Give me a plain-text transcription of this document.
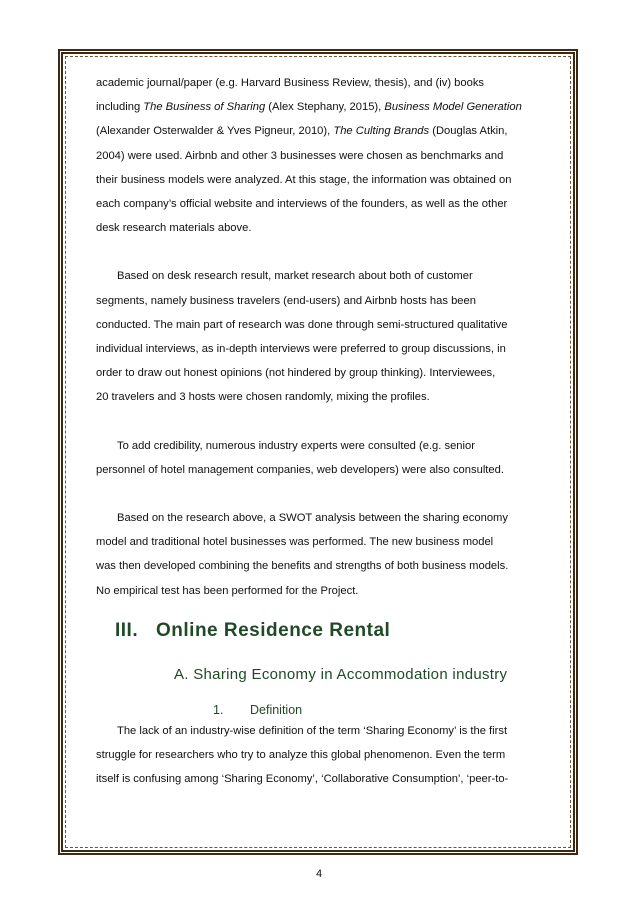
academic journal/paper (e.g. Harvard Business Review, thesis), and (iv) books
including The Business of Sharing (Alex Stephany, 2015), Business Model Generation
(Alexander Osterwalder & Yves Pigneur, 2010), The Culting Brands (Douglas Atkin,
2004) were used. Airbnb and other 3 businesses were chosen as benchmarks and
their business models were analyzed. At this stage, the information was obtained on
each company’s official website and interviews of the founders, as well as the other
desk research materials above.

Based on desk research result, market research about both of customer
segments, namely business travelers (end-users) and Airbnb hosts has been
conducted. The main part of research was done through semi-structured qualitative
individual interviews, as in-depth interviews were preferred to group discussions, in
order to draw out honest opinions (not hindered by group thinking). Interviewees,
20 travelers and 3 hosts were chosen randomly, mixing the profiles.

To add credibility, numerous industry experts were consulted (e.g. senior
personnel of hotel management companies, web developers) were also consulted.

Based on the research above, a SWOT analysis between the sharing economy
model and traditional hotel businesses was performed. The new business model
was then developed combining the benefits and strengths of both business models.
No empirical test has been performed for the Project.

III. Online Residence Rental
A. Sharing Economy in Accommodation industry
1. Definition

The lack of an industry-wise definition of the term ‘Sharing Economy’ is the first
struggle for researchers who try to analyze this global phenomenon. Even the term
itself is confusing among ‘Sharing Economy’, ‘Collaborative Consumption’, ‘peer-to-

4
